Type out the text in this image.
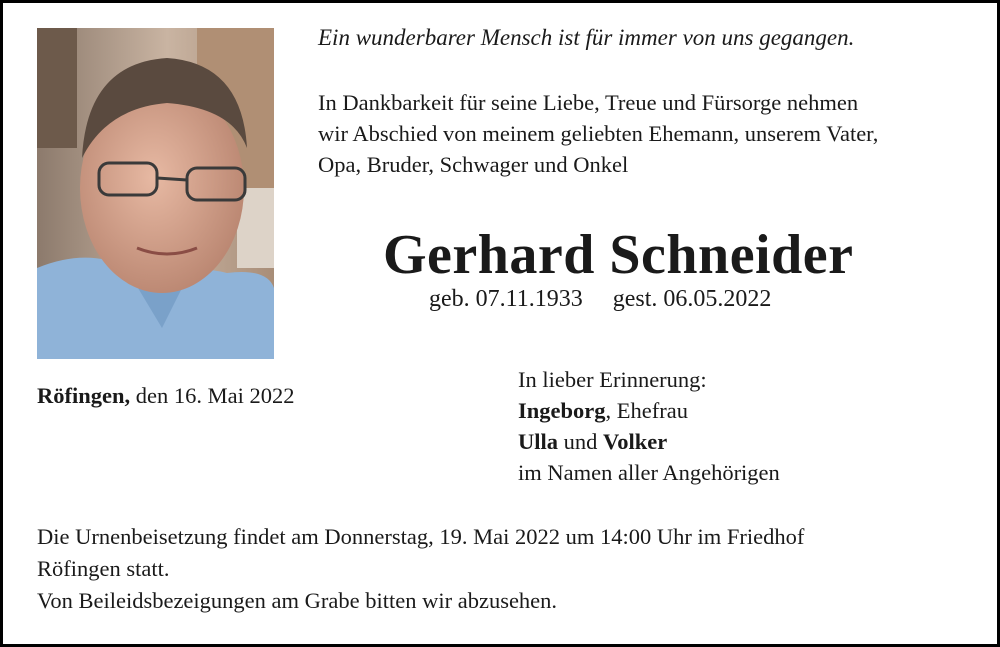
Ein wunderbarer Mensch ist für immer von uns gegangen.

In Dankbarkeit für seine Liebe, Treue und Fürsorge nehmen
wir Abschied von meinem geliebten Ehemann, unserem Vater,
Opa, Bruder, Schwager und Onkel

Gerhard Schneider

geb. 07.11.1933 gest. 06.05.2022

Röfingen, den 16. Mai 2022

In lieber Erinnerung:
Ingeborg, Ehefrau
Ulla und Volker
im Namen aller Angehörigen

Die Urnenbeisetzung findet am Donnerstag, 19. Mai 2022 um 14:00 Uhr im Friedhof
Röfingen statt.
Von Beileidsbezeigungen am Grabe bitten wir abzusehen.
